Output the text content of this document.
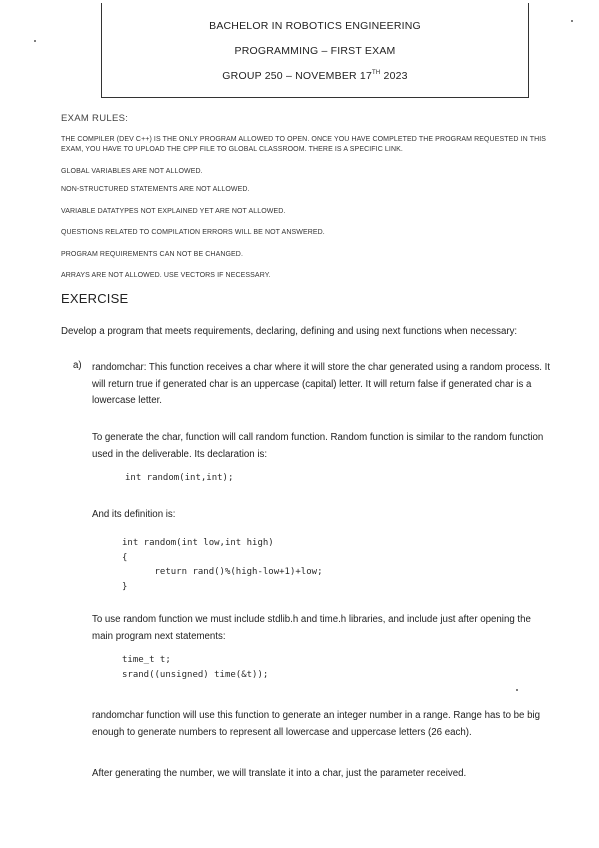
BACHELOR IN ROBOTICS ENGINEERING
PROGRAMMING – FIRST EXAM
GROUP 250 – NOVEMBER 17TH 2023
EXAM RULES:
THE COMPILER (DEV C++) IS THE ONLY PROGRAM ALLOWED TO OPEN. ONCE YOU HAVE COMPLETED THE PROGRAM REQUESTED IN THIS EXAM, YOU HAVE TO UPLOAD THE CPP FILE TO GLOBAL CLASSROOM. THERE IS A SPECIFIC LINK.
GLOBAL VARIABLES ARE NOT ALLOWED.
NON-STRUCTURED STATEMENTS ARE NOT ALLOWED.
VARIABLE DATATYPES NOT EXPLAINED YET ARE NOT ALLOWED.
QUESTIONS RELATED TO COMPILATION ERRORS WILL BE NOT ANSWERED.
PROGRAM REQUIREMENTS CAN NOT BE CHANGED.
ARRAYS ARE NOT ALLOWED. USE VECTORS IF NECESSARY.
EXERCISE
Develop a program that meets requirements, declaring, defining and using next functions when necessary:
a) randomchar: This function receives a char where it will store the char generated using a random process. It will return true if generated char is an uppercase (capital) letter. It will return false if generated char is a lowercase letter.
To generate the char, function will call random function. Random function is similar to the random function used in the deliverable. Its declaration is:
int random(int,int);
And its definition is:
int random(int low,int high)
{
return rand()%(high-low+1)+low;
}
To use random function we must include stdlib.h and time.h libraries, and include just after opening the main program next statements:
time_t t;
srand((unsigned) time(&t));
randomchar function will use this function to generate an integer number in a range. Range has to be big enough to generate numbers to represent all lowercase and uppercase letters (26 each).
After generating the number, we will translate it into a char, just the parameter received.
